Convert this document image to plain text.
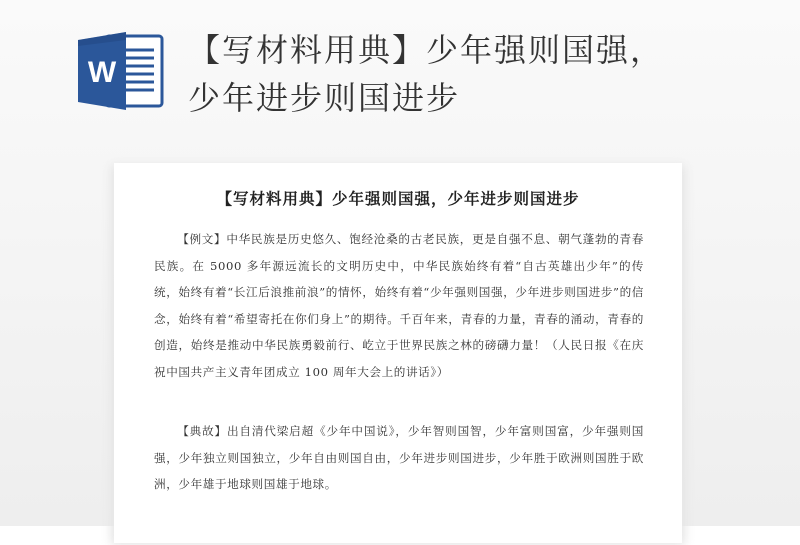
W
【写材料用典】少年强则国强，
少年进步则国进步
【写材料用典】少年强则国强，少年进步则国进步

【例文】中华民族是历史悠久、饱经沧桑的古老民族，更是自强不息、朝气蓬勃的青春民族。在 5000 多年源远流长的文明历史中，中华民族始终有着“自古英雄出少年”的传统，始终有着“长江后浪推前浪”的情怀，始终有着“少年强则国强，少年进步则国进步”的信念，始终有着“希望寄托在你们身上”的期待。千百年来，青春的力量，青春的涌动，青春的创造，始终是推动中华民族勇毅前行、屹立于世界民族之林的磅礴力量！（人民日报《在庆祝中国共产主义青年团成立 100 周年大会上的讲话》）

【典故】出自清代梁启超《少年中国说》，少年智则国智，少年富则国富，少年强则国强，少年独立则国独立，少年自由则国自由，少年进步则国进步，少年胜于欧洲则国胜于欧洲，少年雄于地球则国雄于地球。
